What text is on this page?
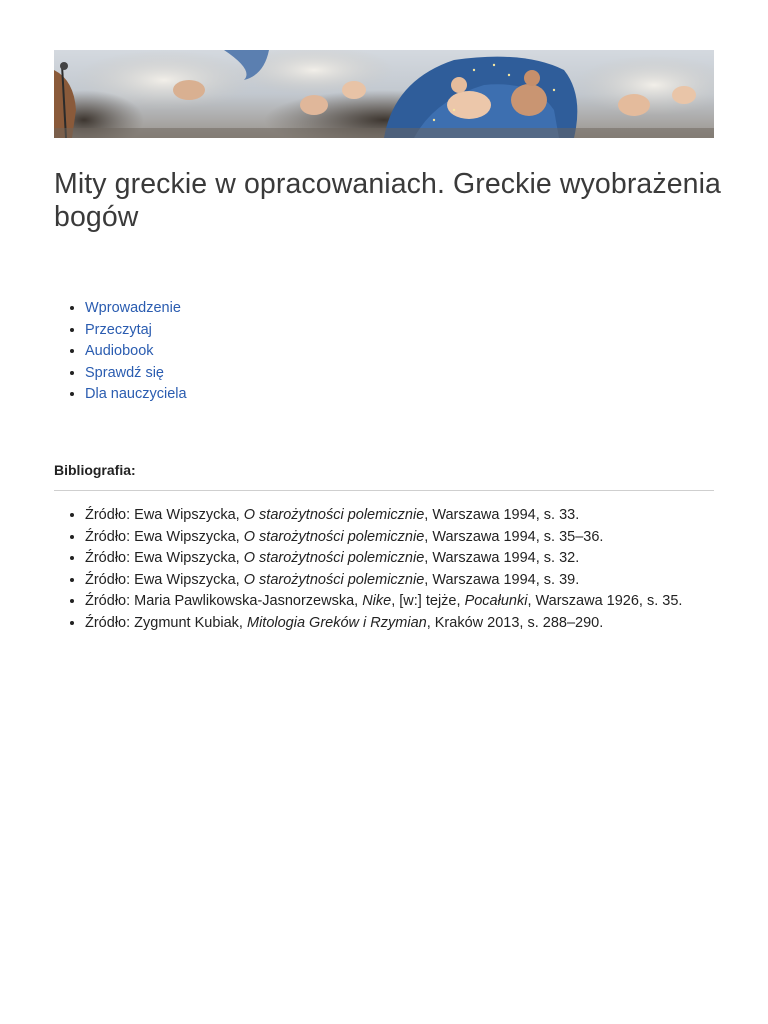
Mity greckie w opracowaniach. Greckie wyobrażenia bogów
• Wprowadzenie
• Przeczytaj
• Audiobook
• Sprawdź się
• Dla nauczyciela
Bibliografia:
• Źródło: Ewa Wipszycka, O starożytności polemicznie, Warszawa 1994, s. 33.
• Źródło: Ewa Wipszycka, O starożytności polemicznie, Warszawa 1994, s. 35–36.
• Źródło: Ewa Wipszycka, O starożytności polemicznie, Warszawa 1994, s. 32.
• Źródło: Ewa Wipszycka, O starożytności polemicznie, Warszawa 1994, s. 39.
• Źródło: Maria Pawlikowska-Jasnorzewska, Nike, [w:] tejże, Pocałunki, Warszawa 1926, s. 35.
• Źródło: Zygmunt Kubiak, Mitologia Greków i Rzymian, Kraków 2013, s. 288–290.
